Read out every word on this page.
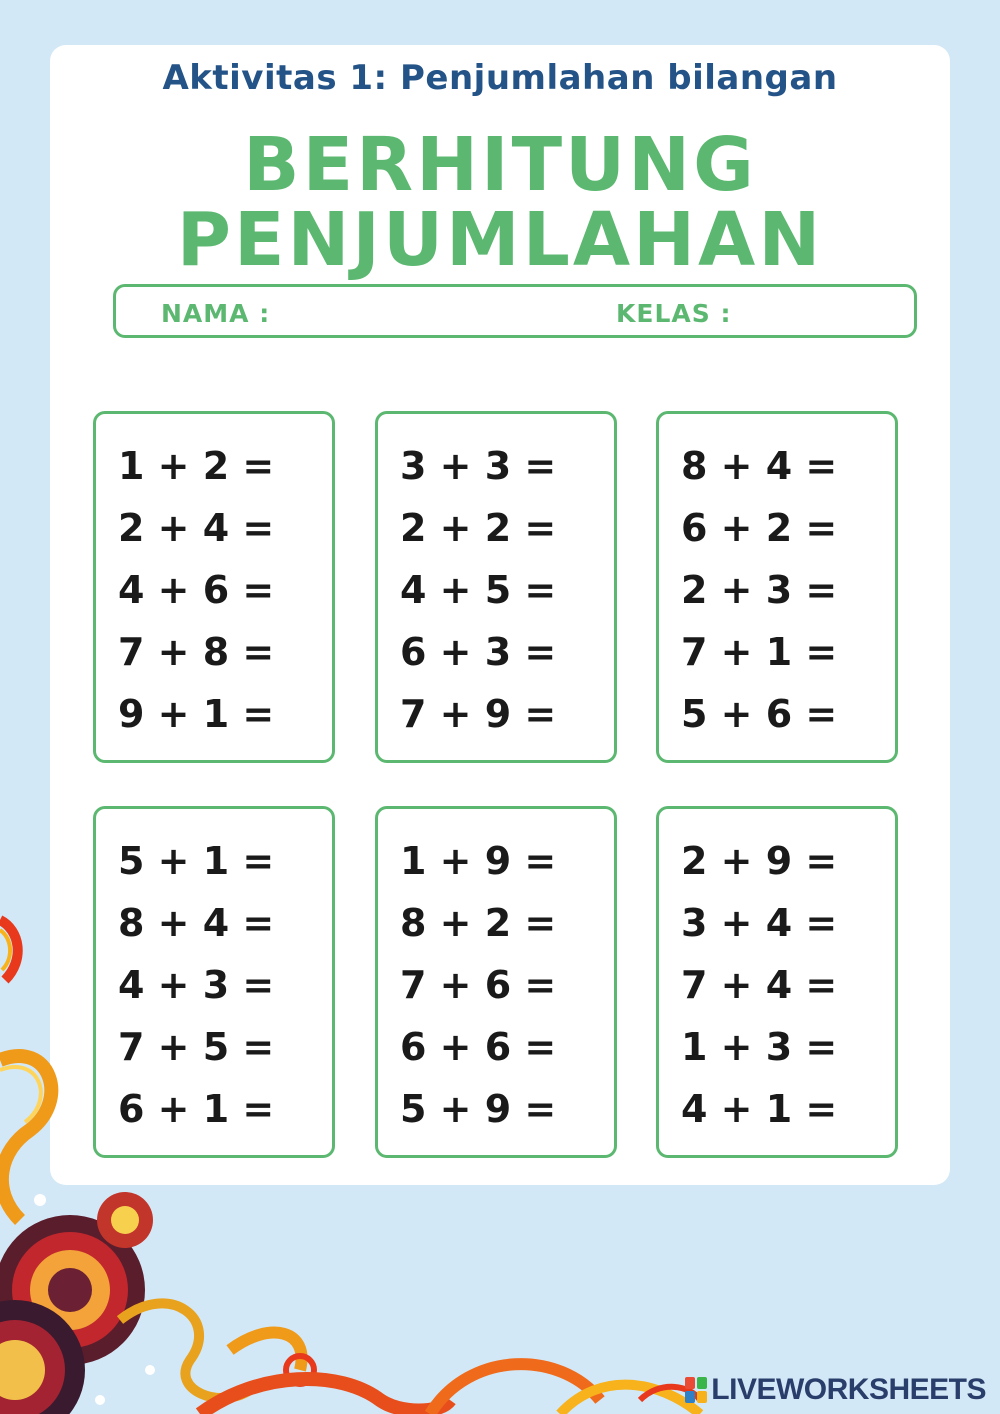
Aktivitas 1: Penjumlahan bilangan
BERHITUNG
PENJUMLAHAN
NAMA :	KELAS :
1 + 2 =
2 + 4 =
4 + 6 =
7 + 8 =
9 + 1 =
3 + 3 =
2 + 2 =
4 + 5 =
6 + 3 =
7 + 9 =
8 + 4 =
6 + 2 =
2 + 3 =
7 + 1 =
5 + 6 =
5 + 1 =
8 + 4 =
4 + 3 =
7 + 5 =
6 + 1 =
1 + 9 =
8 + 2 =
7 + 6 =
6 + 6 =
5 + 9 =
2 + 9 =
3 + 4 =
7 + 4 =
1 + 3 =
4 + 1 =
LIVEWORKSHEETS
